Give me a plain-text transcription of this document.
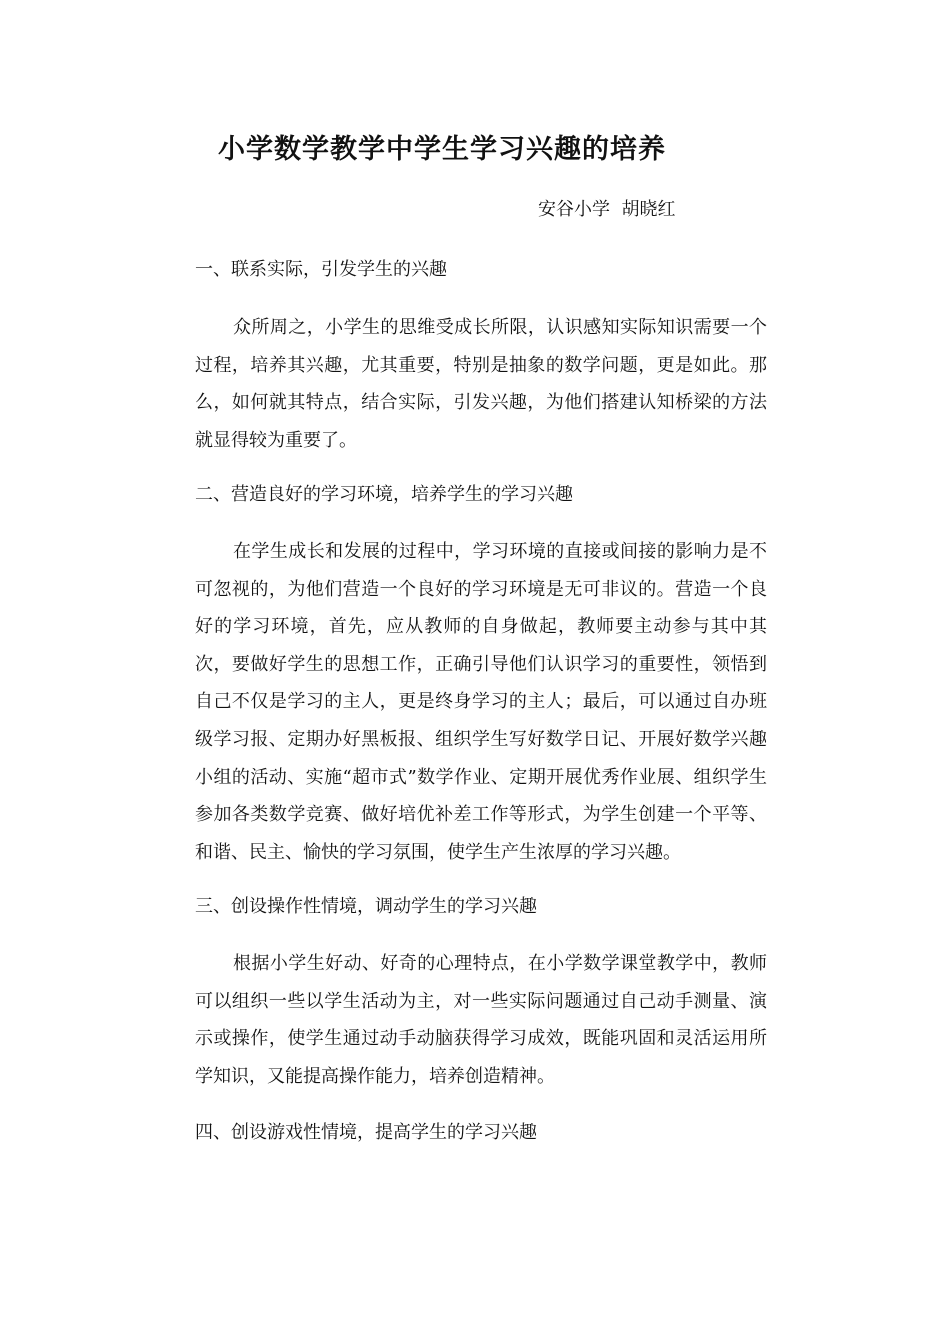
小学数学教学中学生学习兴趣的培养
安谷小学  胡晓红
一、联系实际，引发学生的兴趣
众所周之，小学生的思维受成长所限，认识感知实际知识需要一个过程，培养其兴趣，尤其重要，特别是抽象的数学问题，更是如此。那么，如何就其特点，结合实际，引发兴趣，为他们搭建认知桥梁的方法就显得较为重要了。
二、营造良好的学习环境，培养学生的学习兴趣
在学生成长和发展的过程中，学习环境的直接或间接的影响力是不可忽视的，为他们营造一个良好的学习环境是无可非议的。营造一个良好的学习环境，首先，应从教师的自身做起，教师要主动参与其中其次，要做好学生的思想工作，正确引导他们认识学习的重要性，领悟到自己不仅是学习的主人，更是终身学习的主人；最后，可以通过自办班级学习报、定期办好黑板报、组织学生写好数学日记、开展好数学兴趣小组的活动、实施“超市式”数学作业、定期开展优秀作业展、组织学生参加各类数学竞赛、做好培优补差工作等形式，为学生创建一个平等、和谐、民主、愉快的学习氛围，使学生产生浓厚的学习兴趣。
三、创设操作性情境，调动学生的学习兴趣
根据小学生好动、好奇的心理特点，在小学数学课堂教学中，教师可以组织一些以学生活动为主，对一些实际问题通过自己动手测量、演示或操作，使学生通过动手动脑获得学习成效，既能巩固和灵活运用所学知识，又能提高操作能力，培养创造精神。
四、创设游戏性情境，提高学生的学习兴趣
